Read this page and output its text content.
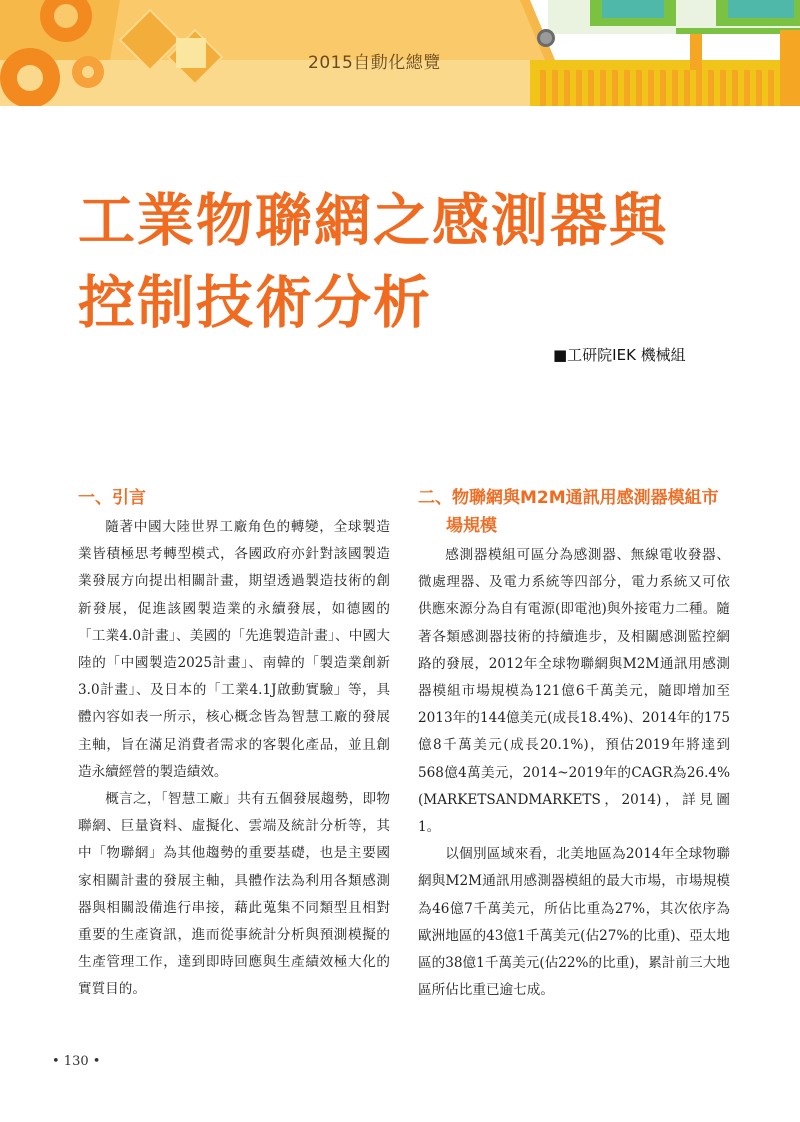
2015自動化總覽
工業物聯網之感測器與
控制技術分析
■工研院IEK 機械組
一、引言

隨著中國大陸世界工廠角色的轉變，全球製造業皆積極思考轉型模式，各國政府亦針對該國製造業發展方向提出相關計畫，期望透過製造技術的創新發展，促進該國製造業的永續發展，如德國的「工業4.0計畫」、美國的「先進製造計畫」、中國大陸的「中國製造2025計畫」、南韓的「製造業創新3.0計畫」、及日本的「工業4.1J啟動實驗」等，具體內容如表一所示，核心概念皆為智慧工廠的發展主軸，旨在滿足消費者需求的客製化產品，並且創造永續經營的製造績效。

概言之，「智慧工廠」共有五個發展趨勢，即物聯網、巨量資料、虛擬化、雲端及統計分析等，其中「物聯網」為其他趨勢的重要基礎，也是主要國家相關計畫的發展主軸，具體作法為利用各類感測器與相關設備進行串接，藉此蒐集不同類型且相對重要的生產資訊，進而從事統計分析與預測模擬的生產管理工作，達到即時回應與生產績效極大化的實質目的。

二、物聯網與M2M通訊用感測器模組市
場規模

感測器模組可區分為感測器、無線電收發器、微處理器、及電力系統等四部分，電力系統又可依供應來源分為自有電源(即電池)與外接電力二種。隨著各類感測器技術的持續進步，及相關感測監控網路的發展，2012年全球物聯網與M2M通訊用感測器模組市場規模為121億6千萬美元，隨即增加至2013年的144億美元(成長18.4%)、2014年的175億8千萬美元(成長20.1%)，預估2019年將達到568億4萬美元，2014~2019年的CAGR為26.4%(MARKETSANDMARKETS，2014)，詳見圖1。

以個別區域來看，北美地區為2014年全球物聯網與M2M通訊用感測器模組的最大市場，市場規模為46億7千萬美元，所佔比重為27%，其次依序為歐洲地區的43億1千萬美元(佔27%的比重)、亞太地區的38億1千萬美元(佔22%的比重)，累計前三大地區所佔比重已逾七成。

• 130 •
